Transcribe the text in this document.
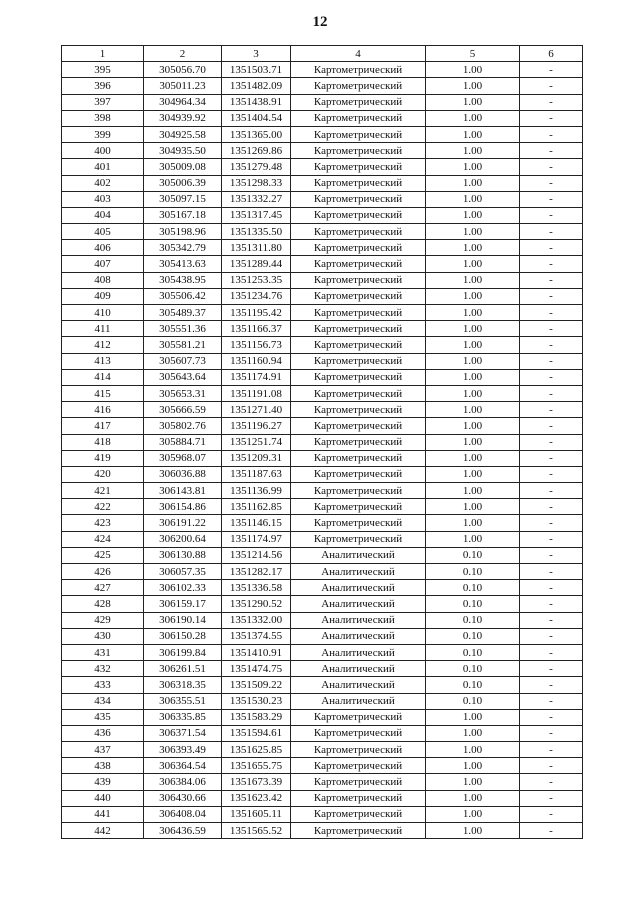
12
1	2	3	4	5	6
395	305056.70	1351503.71	Картометрический	1.00	-
396	305011.23	1351482.09	Картометрический	1.00	-
397	304964.34	1351438.91	Картометрический	1.00	-
398	304939.92	1351404.54	Картометрический	1.00	-
399	304925.58	1351365.00	Картометрический	1.00	-
400	304935.50	1351269.86	Картометрический	1.00	-
401	305009.08	1351279.48	Картометрический	1.00	-
402	305006.39	1351298.33	Картометрический	1.00	-
403	305097.15	1351332.27	Картометрический	1.00	-
404	305167.18	1351317.45	Картометрический	1.00	-
405	305198.96	1351335.50	Картометрический	1.00	-
406	305342.79	1351311.80	Картометрический	1.00	-
407	305413.63	1351289.44	Картометрический	1.00	-
408	305438.95	1351253.35	Картометрический	1.00	-
409	305506.42	1351234.76	Картометрический	1.00	-
410	305489.37	1351195.42	Картометрический	1.00	-
411	305551.36	1351166.37	Картометрический	1.00	-
412	305581.21	1351156.73	Картометрический	1.00	-
413	305607.73	1351160.94	Картометрический	1.00	-
414	305643.64	1351174.91	Картометрический	1.00	-
415	305653.31	1351191.08	Картометрический	1.00	-
416	305666.59	1351271.40	Картометрический	1.00	-
417	305802.76	1351196.27	Картометрический	1.00	-
418	305884.71	1351251.74	Картометрический	1.00	-
419	305968.07	1351209.31	Картометрический	1.00	-
420	306036.88	1351187.63	Картометрический	1.00	-
421	306143.81	1351136.99	Картометрический	1.00	-
422	306154.86	1351162.85	Картометрический	1.00	-
423	306191.22	1351146.15	Картометрический	1.00	-
424	306200.64	1351174.97	Картометрический	1.00	-
425	306130.88	1351214.56	Аналитический	0.10	-
426	306057.35	1351282.17	Аналитический	0.10	-
427	306102.33	1351336.58	Аналитический	0.10	-
428	306159.17	1351290.52	Аналитический	0.10	-
429	306190.14	1351332.00	Аналитический	0.10	-
430	306150.28	1351374.55	Аналитический	0.10	-
431	306199.84	1351410.91	Аналитический	0.10	-
432	306261.51	1351474.75	Аналитический	0.10	-
433	306318.35	1351509.22	Аналитический	0.10	-
434	306355.51	1351530.23	Аналитический	0.10	-
435	306335.85	1351583.29	Картометрический	1.00	-
436	306371.54	1351594.61	Картометрический	1.00	-
437	306393.49	1351625.85	Картометрический	1.00	-
438	306364.54	1351655.75	Картометрический	1.00	-
439	306384.06	1351673.39	Картометрический	1.00	-
440	306430.66	1351623.42	Картометрический	1.00	-
441	306408.04	1351605.11	Картометрический	1.00	-
442	306436.59	1351565.52	Картометрический	1.00	-
